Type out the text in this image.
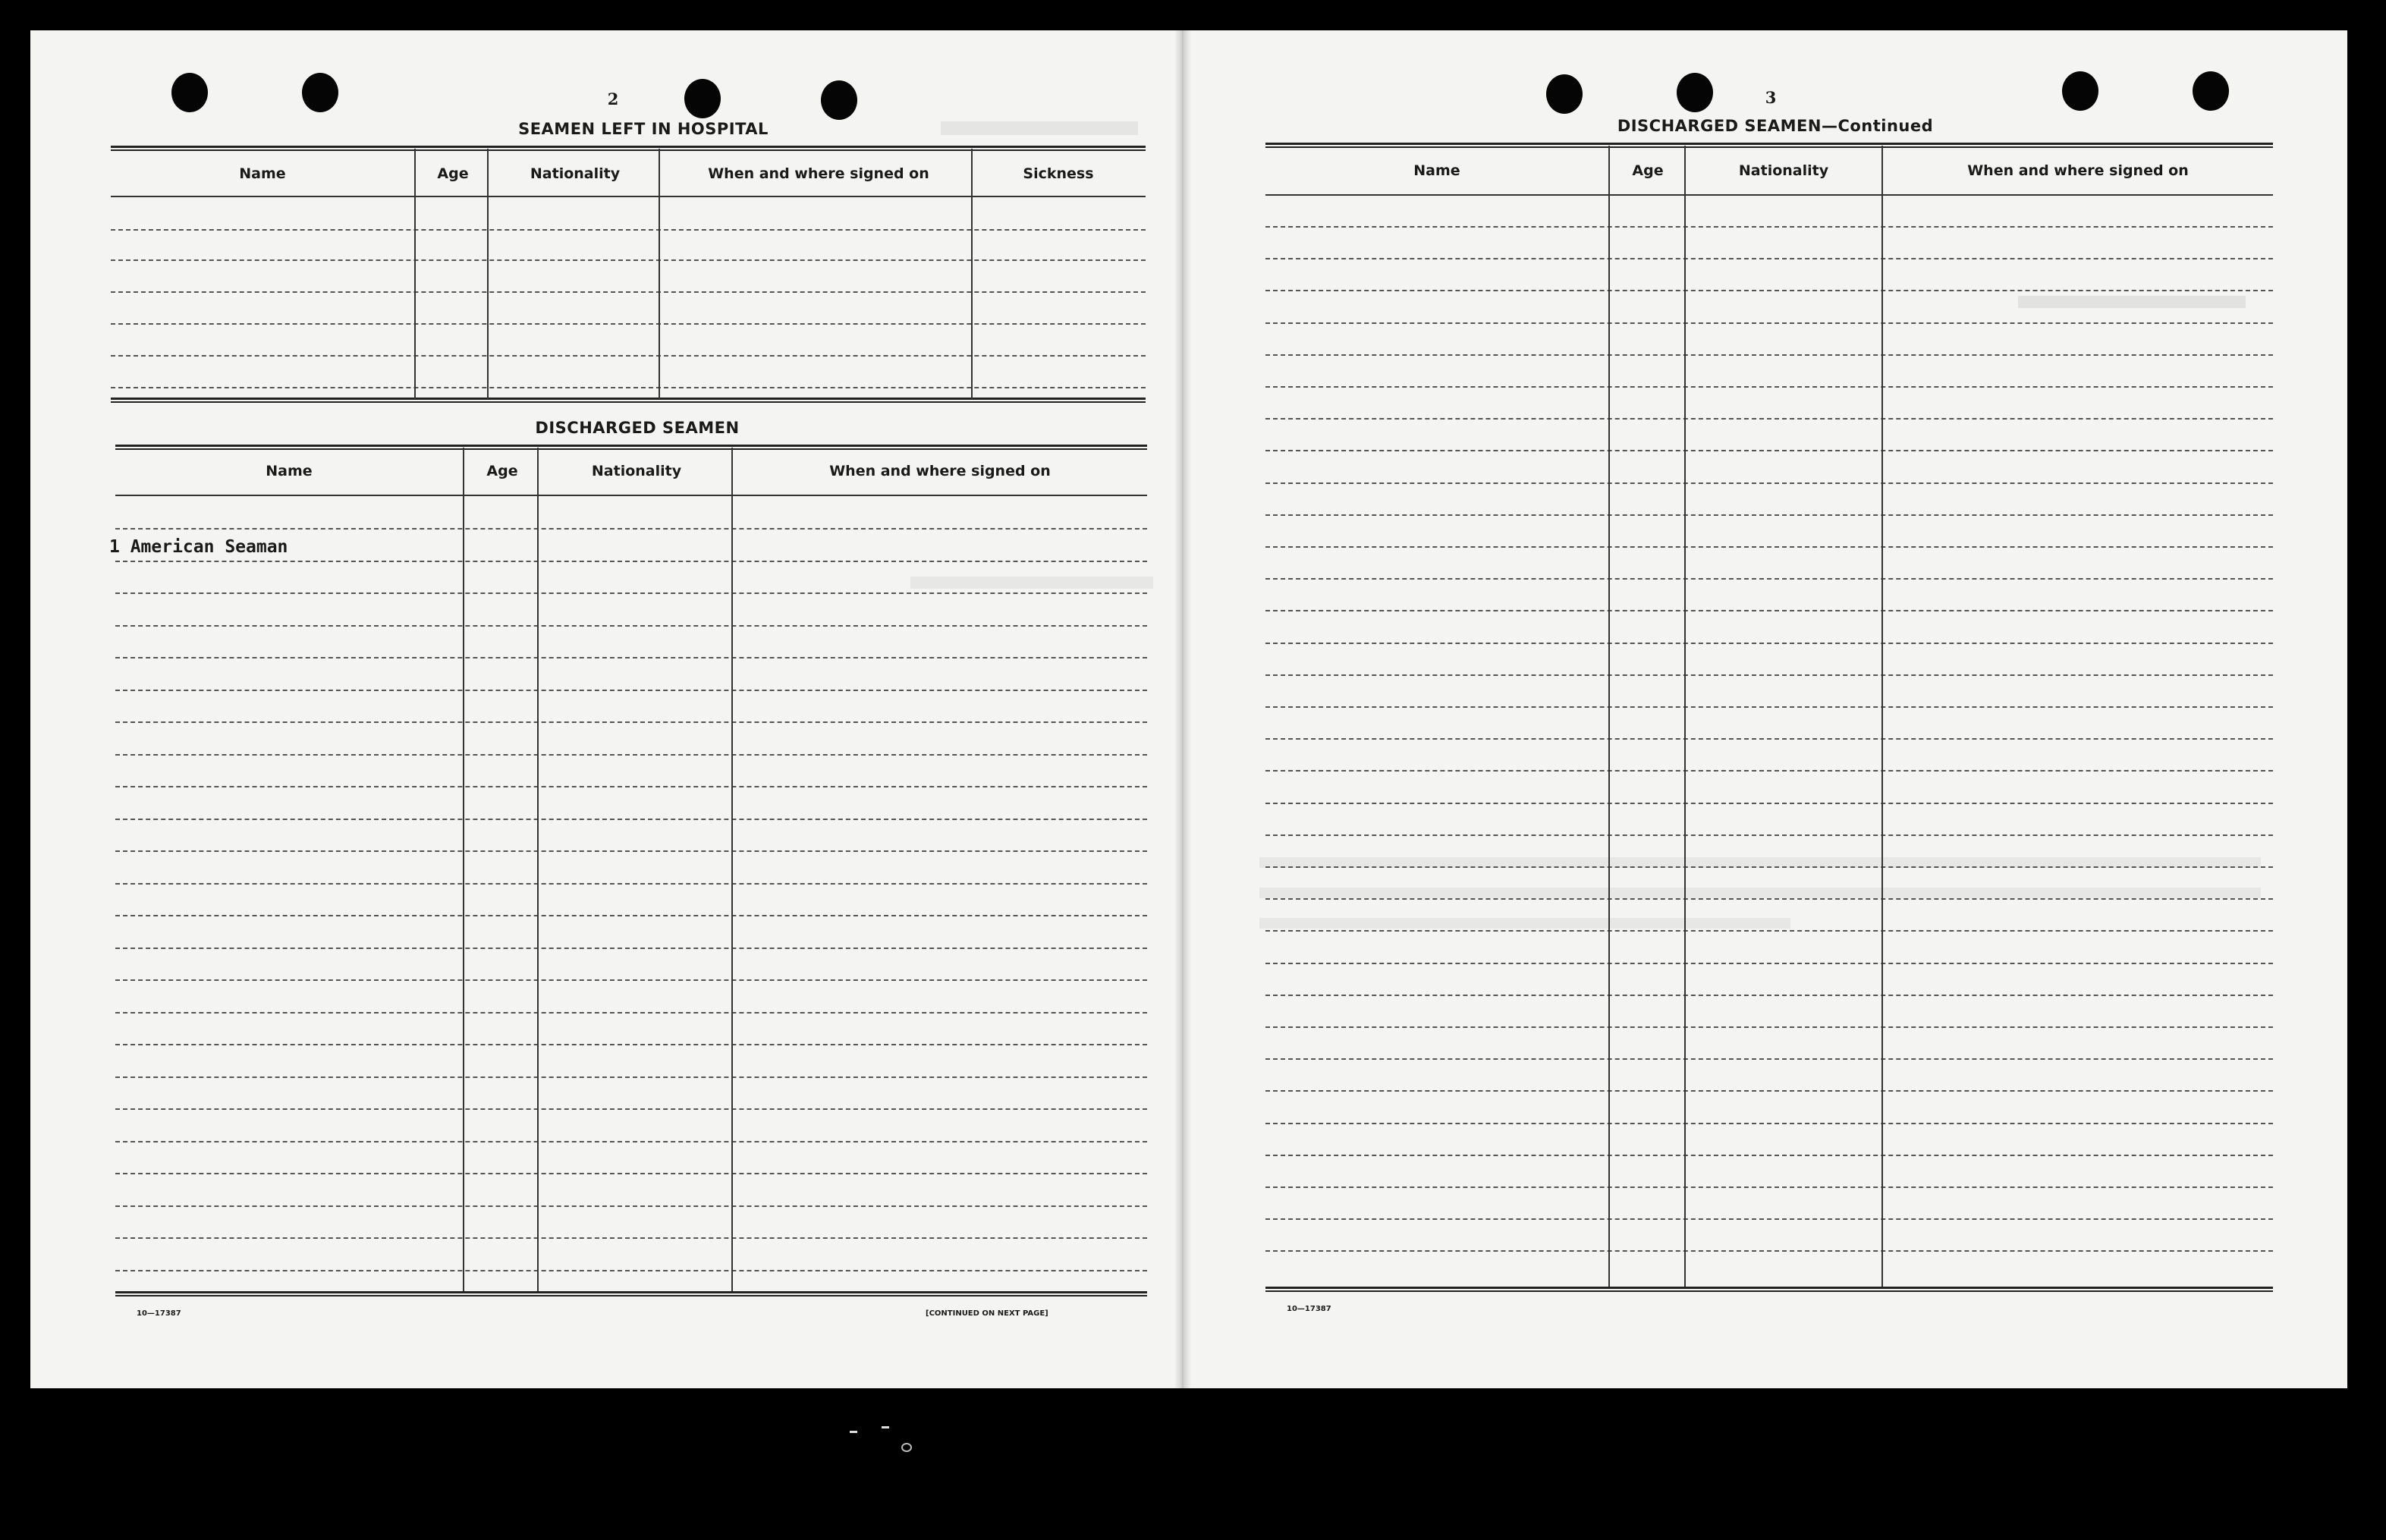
2
SEAMEN LEFT IN HOSPITAL
Name	Age	Nationality	When and where signed on	Sickness
DISCHARGED SEAMEN
Name	Age	Nationality	When and where signed on
1 American Seaman
10—17387	[CONTINUED ON NEXT PAGE]
3
DISCHARGED SEAMEN—Continued
Name	Age	Nationality	When and where signed on
10—17387
